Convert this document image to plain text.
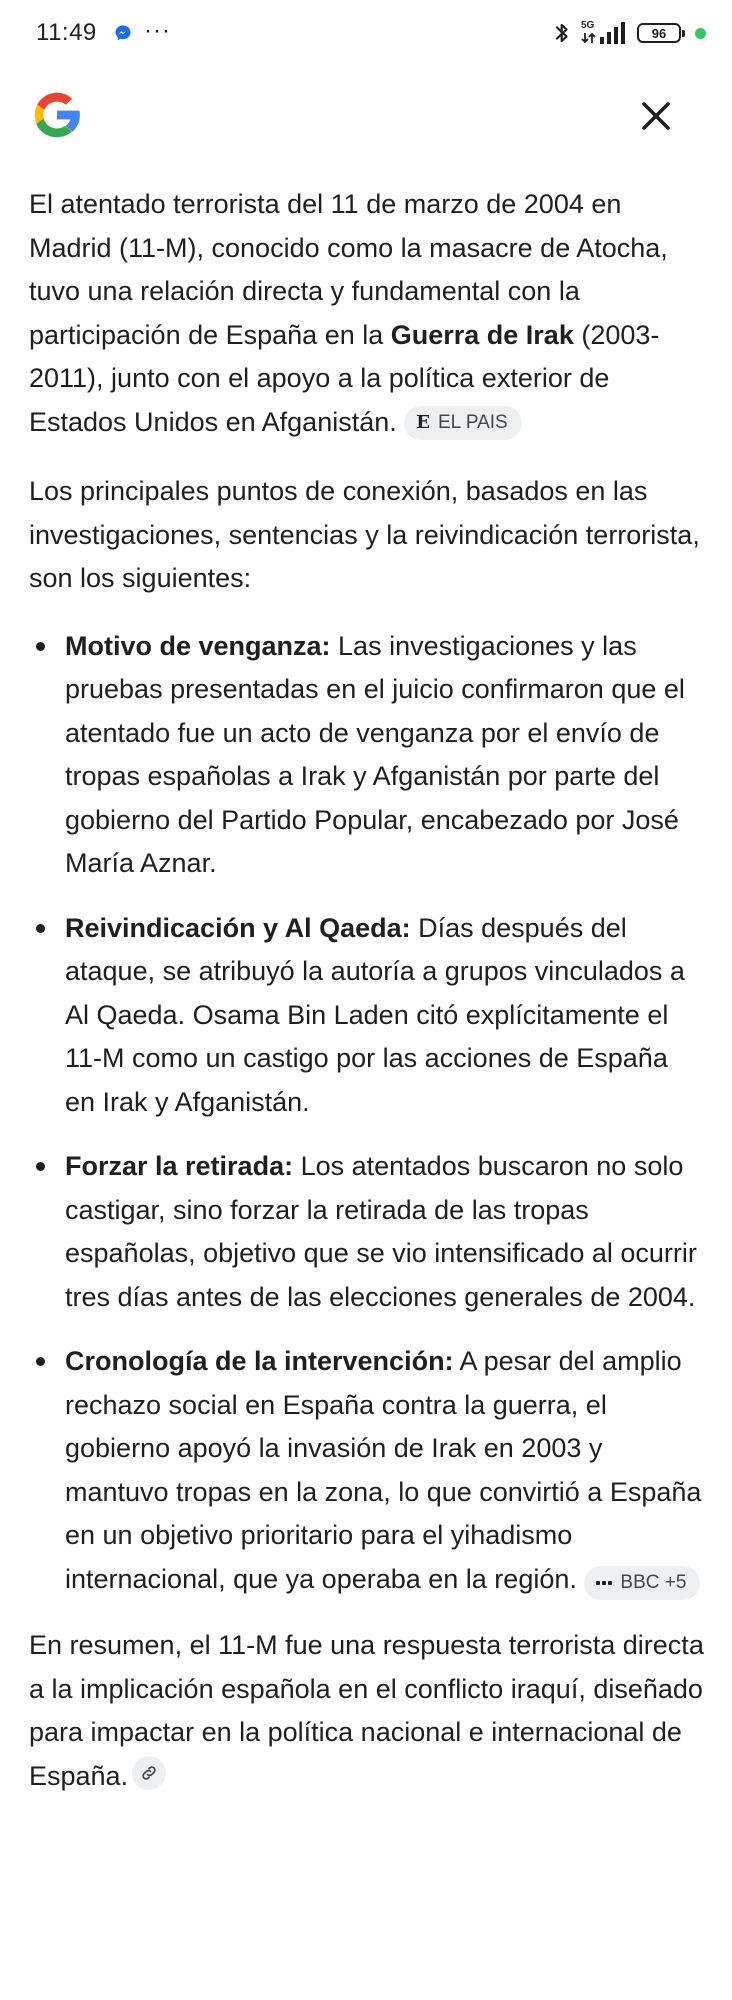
11:49 ···	5G	96

El atentado terrorista del 11 de marzo de 2004 en Madrid (11-M), conocido como la masacre de Atocha, tuvo una relación directa y fundamental con la participación de España en la Guerra de Irak (2003-2011), junto con el apoyo a la política exterior de Estados Unidos en Afganistán. E EL PAIS

Los principales puntos de conexión, basados en las investigaciones, sentencias y la reivindicación terrorista, son los siguientes:

Motivo de venganza: Las investigaciones y las pruebas presentadas en el juicio confirmaron que el atentado fue un acto de venganza por el envío de tropas españolas a Irak y Afganistán por parte del gobierno del Partido Popular, encabezado por José María Aznar.
Reivindicación y Al Qaeda: Días después del ataque, se atribuyó la autoría a grupos vinculados a Al Qaeda. Osama Bin Laden citó explícitamente el 11-M como un castigo por las acciones de España en Irak y Afganistán.
Forzar la retirada: Los atentados buscaron no solo castigar, sino forzar la retirada de las tropas españolas, objetivo que se vio intensificado al ocurrir tres días antes de las elecciones generales de 2004.
Cronología de la intervención: A pesar del amplio rechazo social en España contra la guerra, el gobierno apoyó la invasión de Irak en 2003 y mantuvo tropas en la zona, lo que convirtió a España en un objetivo prioritario para el yihadismo internacional, que ya operaba en la región. BBC +5

En resumen, el 11-M fue una respuesta terrorista directa a la implicación española en el conflicto iraquí, diseñado para impactar en la política nacional e internacional de España.
